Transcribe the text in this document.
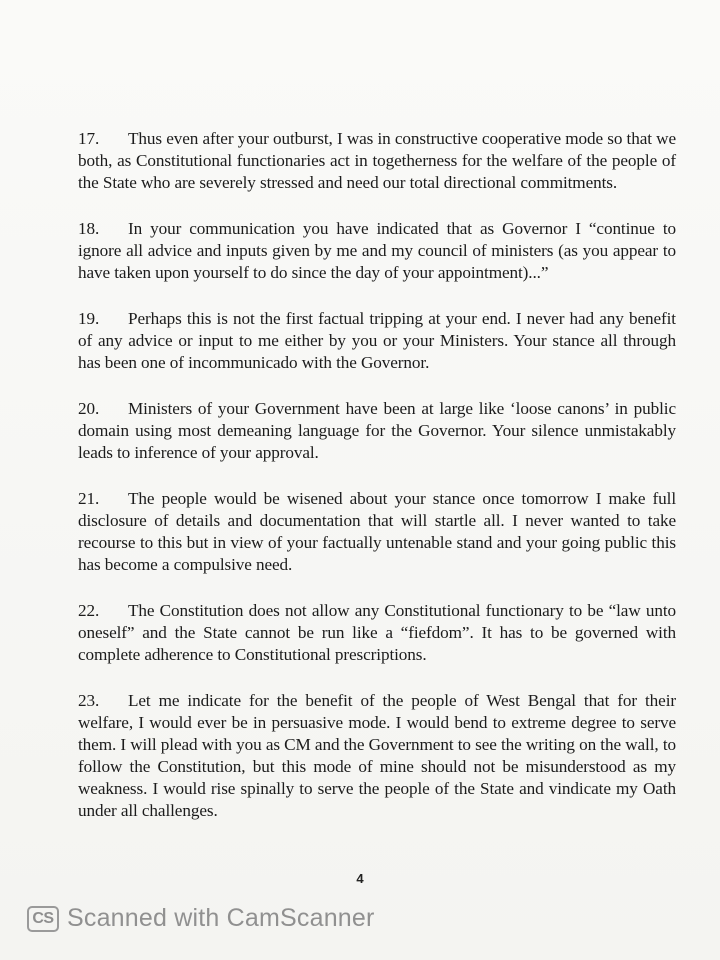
17. Thus even after your outburst, I was in constructive cooperative mode so that we both, as Constitutional functionaries act in togetherness for the welfare of the people of the State who are severely stressed and need our total directional commitments.

18. In your communication you have indicated that as Governor I “continue to ignore all advice and inputs given by me and my council of ministers (as you appear to have taken upon yourself to do since the day of your appointment)...”

19. Perhaps this is not the first factual tripping at your end. I never had any benefit of any advice or input to me either by you or your Ministers. Your stance all through has been one of incommunicado with the Governor.

20. Ministers of your Government have been at large like ‘loose canons’ in public domain using most demeaning language for the Governor. Your silence unmistakably leads to inference of your approval.

21. The people would be wisened about your stance once tomorrow I make full disclosure of details and documentation that will startle all. I never wanted to take recourse to this but in view of your factually untenable stand and your going public this has become a compulsive need.

22. The Constitution does not allow any Constitutional functionary to be “law unto oneself” and the State cannot be run like a “fiefdom”. It has to be governed with complete adherence to Constitutional prescriptions.

23. Let me indicate for the benefit of the people of West Bengal that for their welfare, I would ever be in persuasive mode. I would bend to extreme degree to serve them. I will plead with you as CM and the Government to see the writing on the wall, to follow the Constitution, but this mode of mine should not be misunderstood as my weakness. I would rise spinally to serve the people of the State and vindicate my Oath under all challenges.

4
CS Scanned with CamScanner
